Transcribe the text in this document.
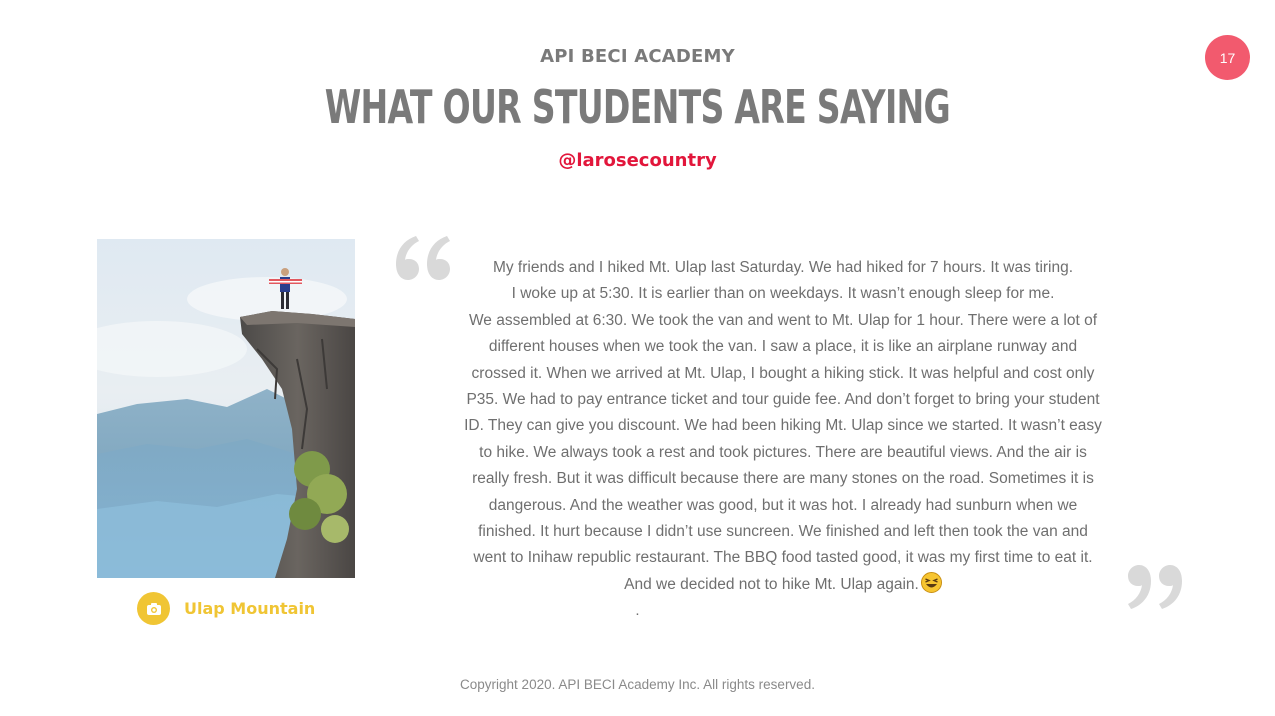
API BECI ACADEMY
WHAT OUR STUDENTS ARE SAYING
@larosecountry
17
Ulap Mountain
My friends and I hiked Mt. Ulap last Saturday. We had hiked for 7 hours. It was tiring.
I woke up at 5:30. It is earlier than on weekdays. It wasn’t enough sleep for me.
We assembled at 6:30. We took the van and went to Mt. Ulap for 1 hour. There were a lot of
different houses when we took the van. I saw a place, it is like an airplane runway and
crossed it. When we arrived at Mt. Ulap, I bought a hiking stick. It was helpful and cost only
P35. We had to pay entrance ticket and tour guide fee. And don’t forget to bring your student
ID. They can give you discount. We had been hiking Mt. Ulap since we started. It wasn’t easy
to hike. We always took a rest and took pictures. There are beautiful views. And the air is
really fresh. But it was difficult because there are many stones on the road. Sometimes it is
dangerous. And the weather was good, but it was hot. I already had sunburn when we
finished. It hurt because I didn’t use suncreen. We finished and left then took the van and
went to Inihaw republic restaurant. The BBQ food tasted good, it was my first time to eat it.
And we decided not to hike Mt. Ulap again.
.
Copyright 2020. API BECI Academy Inc. All rights reserved.
